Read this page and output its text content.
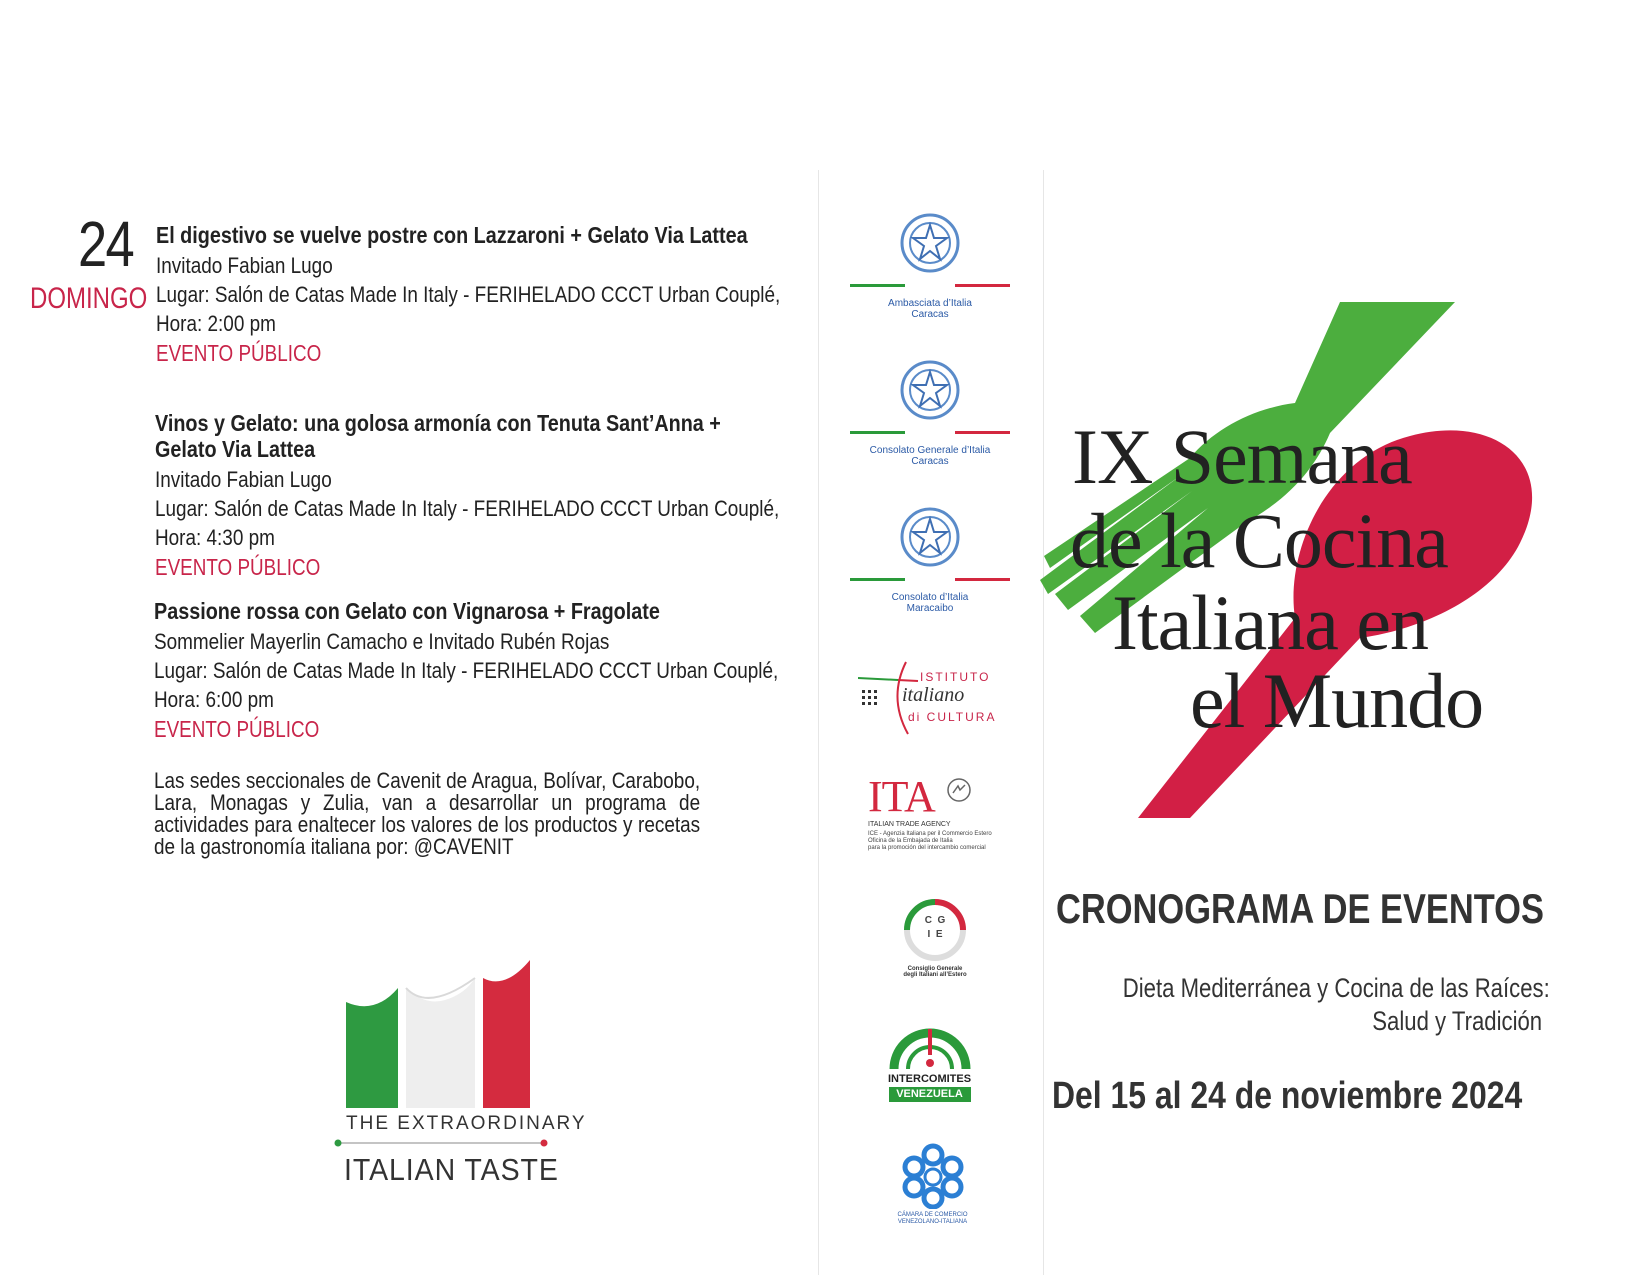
24
DOMINGO
El digestivo se vuelve postre con Lazzaroni + Gelato Via Lattea
Invitado Fabian Lugo
Lugar: Salón de Catas Made In Italy - FERIHELADO CCCT Urban Couplé,
Hora: 2:00 pm
EVENTO PÚBLICO
Vinos y Gelato: una golosa armonía con Tenuta Sant’Anna +
Gelato Via Lattea
Invitado Fabian Lugo
Lugar: Salón de Catas Made In Italy - FERIHELADO CCCT Urban Couplé,
Hora: 4:30 pm
EVENTO PÚBLICO
Passione rossa con Gelato con Vignarosa + Fragolate
Sommelier Mayerlin Camacho e Invitado Rubén Rojas
Lugar: Salón de Catas Made In Italy - FERIHELADO CCCT Urban Couplé,
Hora: 6:00 pm
EVENTO PÚBLICO
Las sedes seccionales de Cavenit de Aragua, Bolívar, Carabobo, Lara, Monagas y Zulia, van a desarrollar un programa de actividades para enaltecer los valores de los productos y recetas de la gastronomía italiana por: @CAVENIT
THE EXTRAORDINARY
ITALIAN TASTE
Ambasciata d’Italia
Caracas
Consolato Generale d’Italia
Caracas
Consolato d’Italia
Maracaibo
ISTITUTO
italiano
di CULTURA
ITA
ITALIAN TRADE AGENCY
ICE - Agenzia Italiana per il Commercio Estero
Oficina de la Embajada de Italia
para la promoción del intercambio comercial
C G
I E
Consiglio Generale
degli Italiani all’Estero
INTERCOMITES
VENEZUELA
CÁMARA DE COMERCIO
VENEZOLANO-ITALIANA
IX Semana
de la Cocina
Italiana en
el Mundo
CRONOGRAMA DE EVENTOS
Dieta Mediterránea y Cocina de las Raíces:
Salud y Tradición
Del 15 al 24 de noviembre 2024
